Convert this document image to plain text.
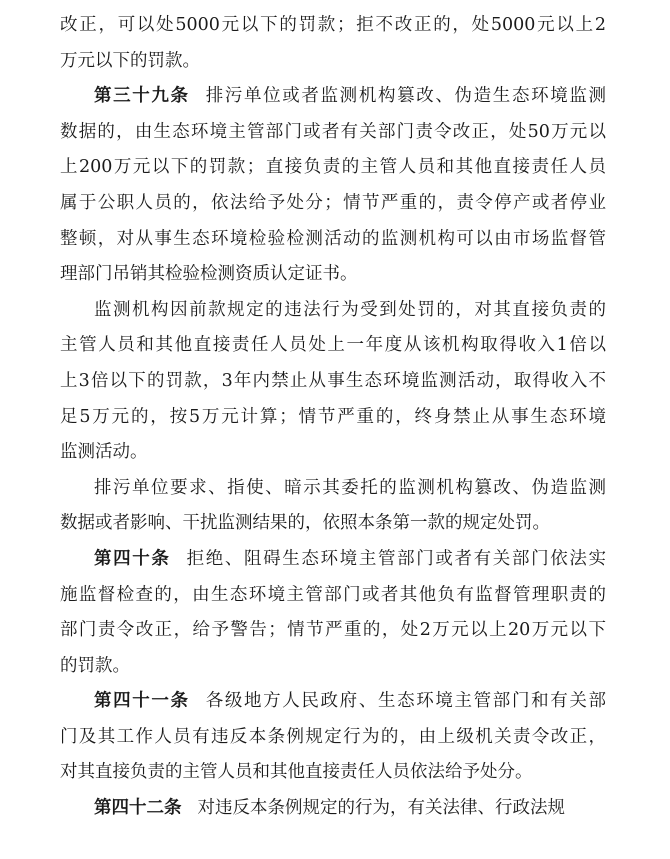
改正，可以处5000元以下的罚款；拒不改正的，处5000元以上2
万元以下的罚款。
第三十九条 排污单位或者监测机构篡改、伪造生态环境监测
数据的，由生态环境主管部门或者有关部门责令改正，处50万元以
上200万元以下的罚款；直接负责的主管人员和其他直接责任人员
属于公职人员的，依法给予处分；情节严重的，责令停产或者停业
整顿，对从事生态环境检验检测活动的监测机构可以由市场监督管
理部门吊销其检验检测资质认定证书。
监测机构因前款规定的违法行为受到处罚的，对其直接负责的
主管人员和其他直接责任人员处上一年度从该机构取得收入1倍以
上3倍以下的罚款，3年内禁止从事生态环境监测活动，取得收入不
足5万元的，按5万元计算；情节严重的，终身禁止从事生态环境
监测活动。
排污单位要求、指使、暗示其委托的监测机构篡改、伪造监测
数据或者影响、干扰监测结果的，依照本条第一款的规定处罚。
第四十条 拒绝、阻碍生态环境主管部门或者有关部门依法实
施监督检查的，由生态环境主管部门或者其他负有监督管理职责的
部门责令改正，给予警告；情节严重的，处2万元以上20万元以下
的罚款。
第四十一条 各级地方人民政府、生态环境主管部门和有关部
门及其工作人员有违反本条例规定行为的，由上级机关责令改正，
对其直接负责的主管人员和其他直接责任人员依法给予处分。
第四十二条 对违反本条例规定的行为，有关法律、行政法规
